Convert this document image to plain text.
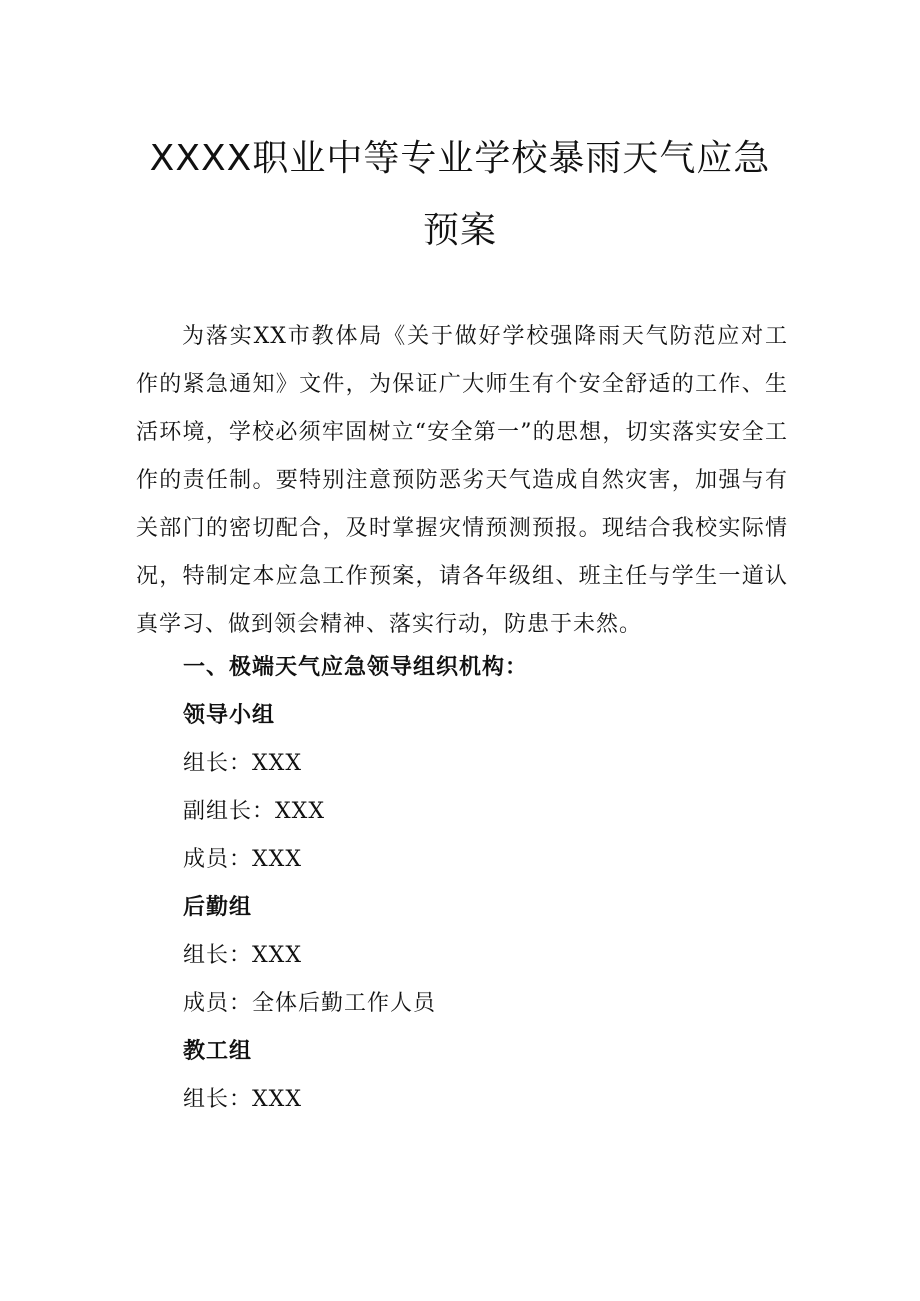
XXXX职业中等专业学校暴雨天气应急
预案

为落实XX市教体局《关于做好学校强降雨天气防范应对工作的紧急通知》文件，为保证广大师生有个安全舒适的工作、生活环境，学校必须牢固树立“安全第一”的思想，切实落实安全工作的责任制。要特别注意预防恶劣天气造成自然灾害，加强与有关部门的密切配合，及时掌握灾情预测预报。现结合我校实际情况，特制定本应急工作预案，请各年级组、班主任与学生一道认真学习、做到领会精神、落实行动，防患于未然。

一、极端天气应急领导组织机构：

领导小组

组长：XXX

副组长：XXX

成员：XXX

后勤组

组长：XXX

成员：全体后勤工作人员

教工组

组长：XXX
